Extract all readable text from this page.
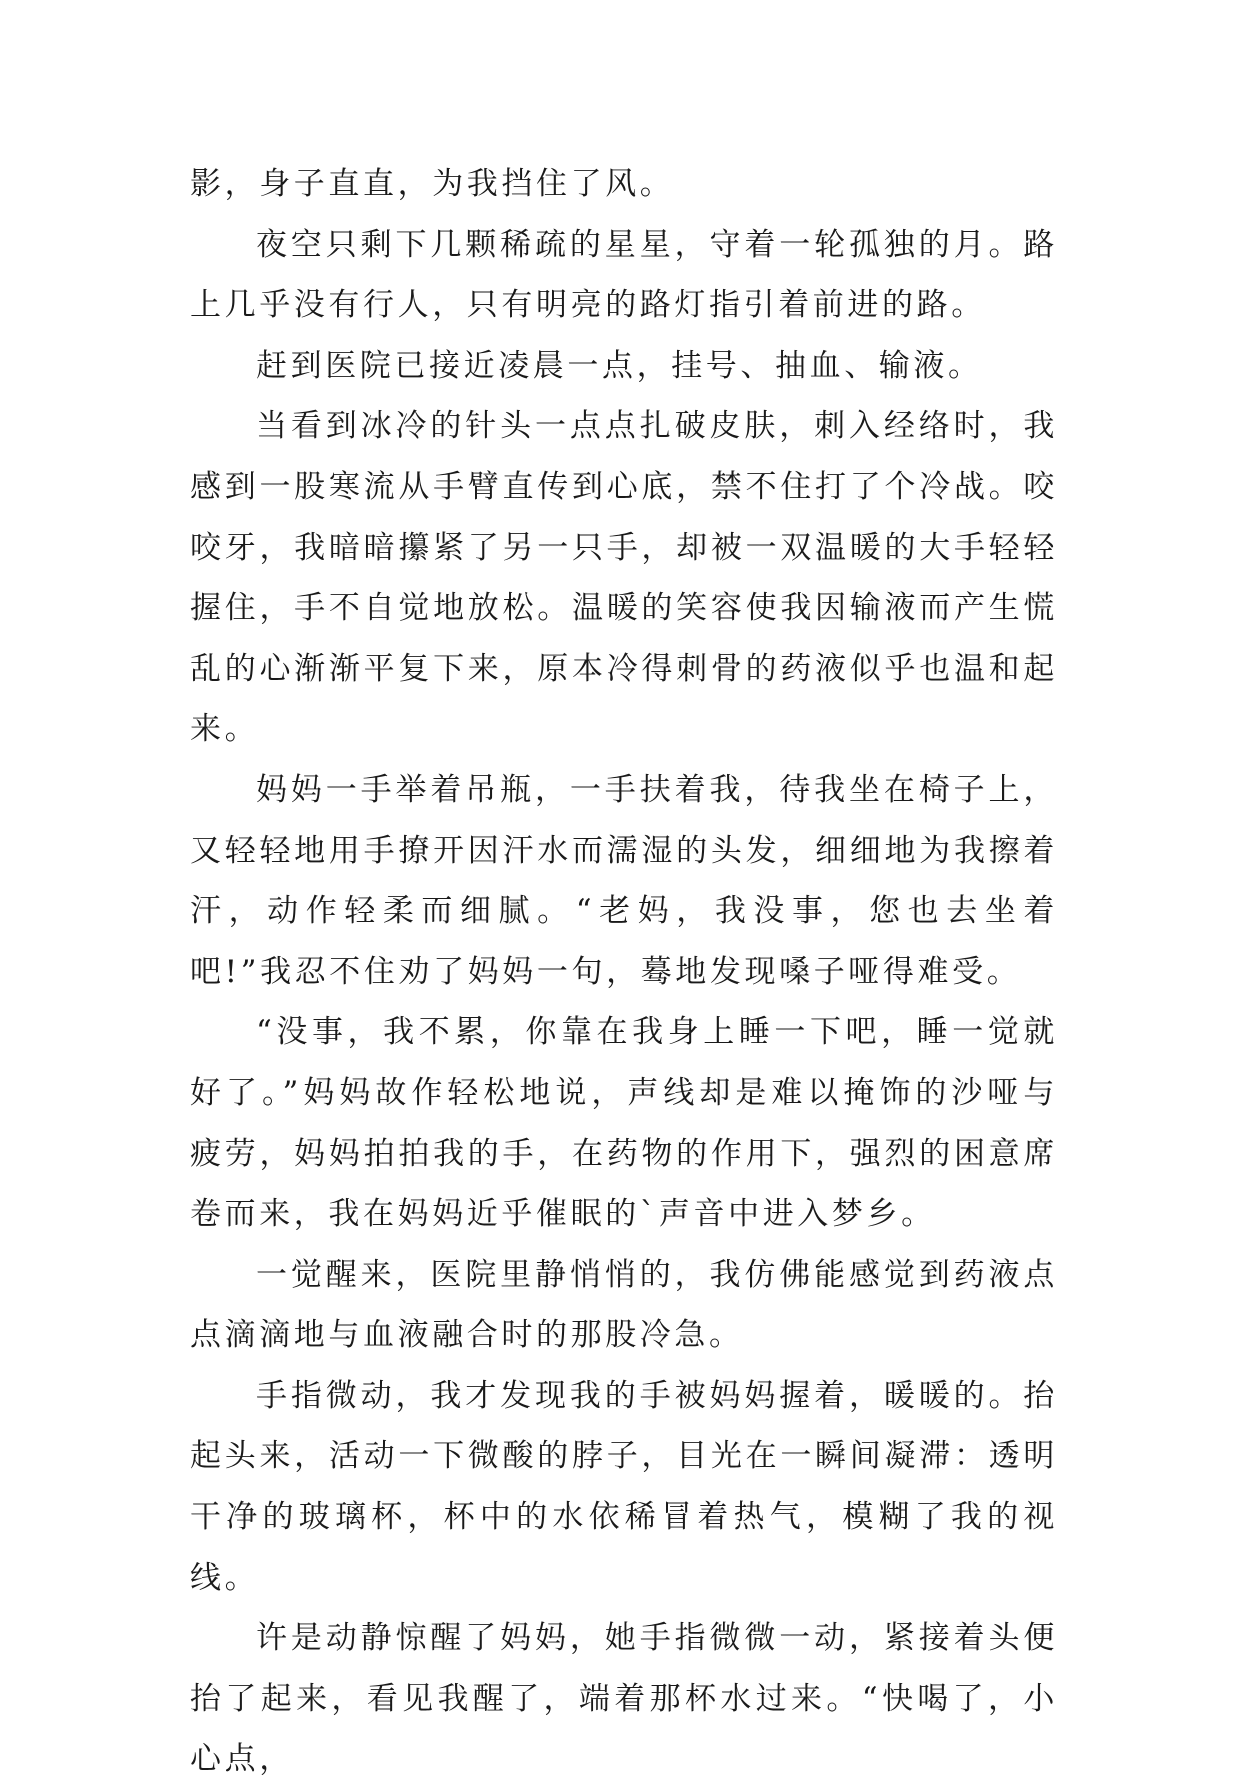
影，身子直直，为我挡住了风。

夜空只剩下几颗稀疏的星星，守着一轮孤独的月。路上几乎没有行人，只有明亮的路灯指引着前进的路。

赶到医院已接近凌晨一点，挂号、抽血、输液。

当看到冰冷的针头一点点扎破皮肤，刺入经络时，我感到一股寒流从手臂直传到心底，禁不住打了个冷战。咬咬牙，我暗暗攥紧了另一只手，却被一双温暖的大手轻轻握住，手不自觉地放松。温暖的笑容使我因输液而产生慌乱的心渐渐平复下来，原本冷得刺骨的药液似乎也温和起来。

妈妈一手举着吊瓶，一手扶着我，待我坐在椅子上，又轻轻地用手撩开因汗水而濡湿的头发，细细地为我擦着汗，动作轻柔而细腻。“老妈，我没事，您也去坐着吧!”我忍不住劝了妈妈一句，蓦地发现嗓子哑得难受。

“没事，我不累，你靠在我身上睡一下吧，睡一觉就好了。”妈妈故作轻松地说，声线却是难以掩饰的沙哑与疲劳，妈妈拍拍我的手，在药物的作用下，强烈的困意席卷而来，我在妈妈近乎催眠的`声音中进入梦乡。

一觉醒来，医院里静悄悄的，我仿佛能感觉到药液点点滴滴地与血液融合时的那股冷急。

手指微动，我才发现我的手被妈妈握着，暖暖的。抬起头来，活动一下微酸的脖子，目光在一瞬间凝滞：透明干净的玻璃杯，杯中的水依稀冒着热气，模糊了我的视线。

许是动静惊醒了妈妈，她手指微微一动，紧接着头便抬了起来，看见我醒了，端着那杯水过来。“快喝了，小心点，
